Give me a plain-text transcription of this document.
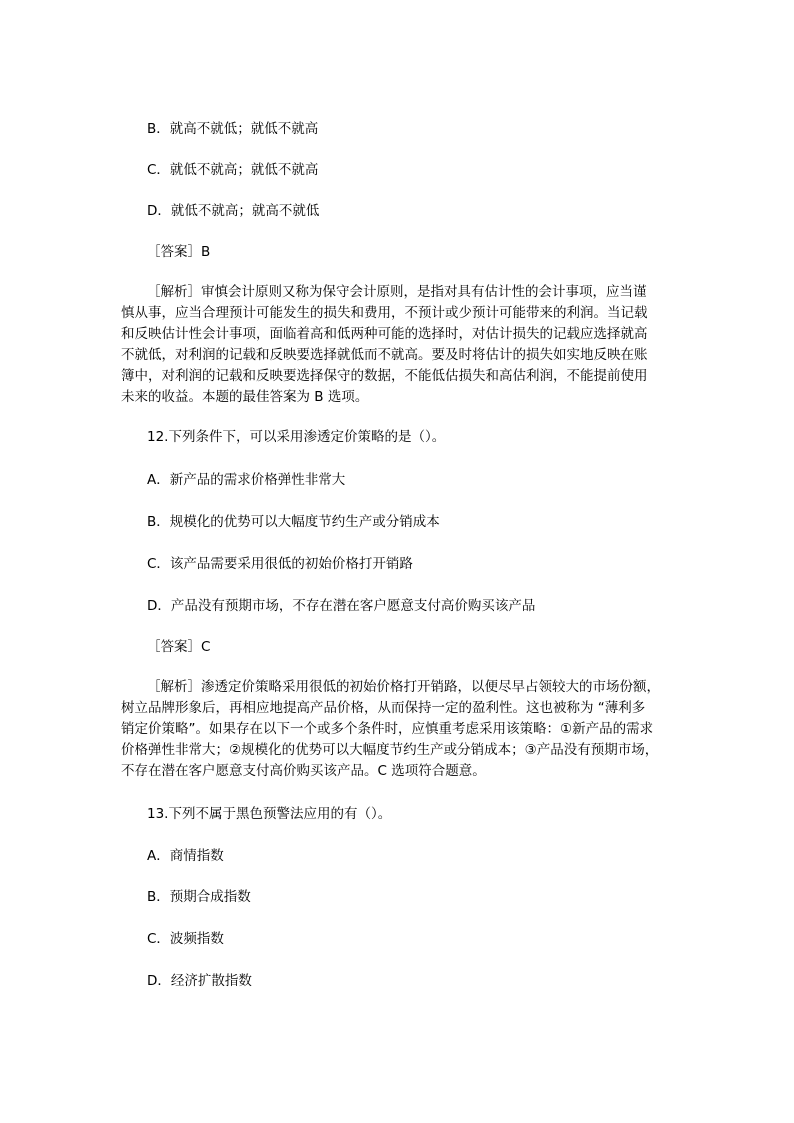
B．就高不就低；就低不就高
C．就低不就高；就低不就高
D．就低不就高；就高不就低
［答案］B
［解析］审慎会计原则又称为保守会计原则，是指对具有估计性的会计事项，应当谨
慎从事，应当合理预计可能发生的损失和费用，不预计或少预计可能带来的利润。当记载
和反映估计性会计事项，面临着高和低两种可能的选择时，对估计损失的记载应选择就高
不就低，对利润的记载和反映要选择就低而不就高。要及时将估计的损失如实地反映在账
簿中，对利润的记载和反映要选择保守的数据，不能低估损失和高估利润，不能提前使用
未来的收益。本题的最佳答案为 B 选项。
12.下列条件下，可以采用渗透定价策略的是（）。
A．新产品的需求价格弹性非常大
B．规模化的优势可以大幅度节约生产或分销成本
C．该产品需要采用很低的初始价格打开销路
D．产品没有预期市场，不存在潜在客户愿意支付高价购买该产品
［答案］C
［解析］渗透定价策略采用很低的初始价格打开销路，以便尽早占领较大的市场份额，
树立品牌形象后，再相应地提高产品价格，从而保持一定的盈利性。这也被称为 “薄利多
销定价策略”。如果存在以下一个或多个条件时，应慎重考虑采用该策略：①新产品的需求
价格弹性非常大；②规模化的优势可以大幅度节约生产或分销成本；③产品没有预期市场，
不存在潜在客户愿意支付高价购买该产品。C 选项符合题意。
13.下列不属于黑色预警法应用的有（）。
A．商情指数
B．预期合成指数
C．波频指数
D．经济扩散指数
